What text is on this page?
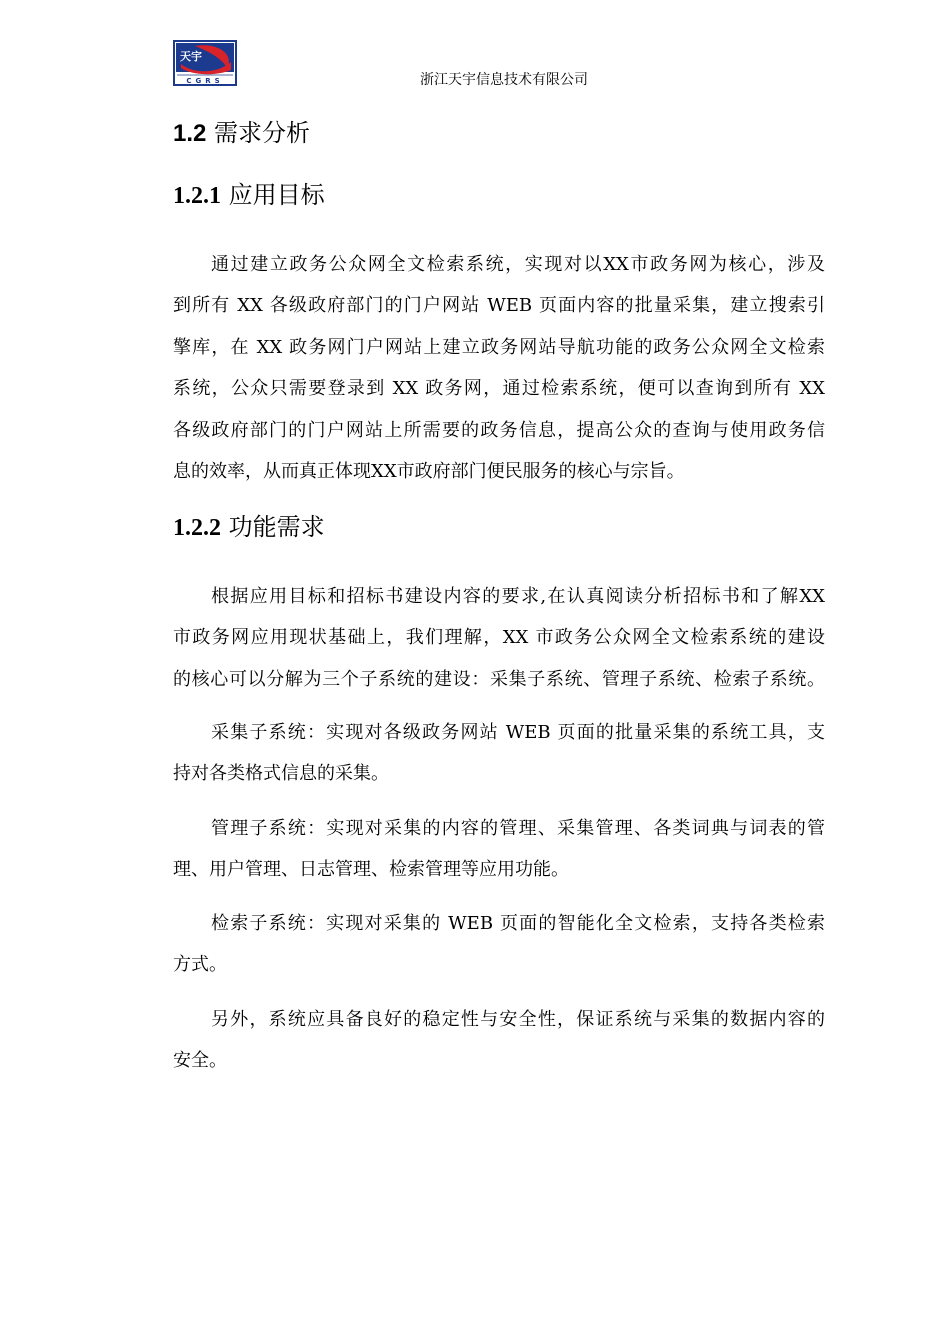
天宇
CGRS	浙江天宇信息技术有限公司
1.2 需求分析
1.2.1 应用目标
通过建立政务公众网全文检索系统，实现对以XX市政务网为核心，涉及
到所有 XX 各级政府部门的门户网站 WEB 页面内容的批量采集，建立搜索引
擎库，在 XX 政务网门户网站上建立政务网站导航功能的政务公众网全文检索
系统，公众只需要登录到 XX 政务网，通过检索系统，便可以查询到所有 XX
各级政府部门的门户网站上所需要的政务信息，提高公众的查询与使用政务信
息的效率，从而真正体现XX市政府部门便民服务的核心与宗旨。
1.2.2 功能需求
根据应用目标和招标书建设内容的要求,在认真阅读分析招标书和了解XX
市政务网应用现状基础上，我们理解，XX 市政务公众网全文检索系统的建设
的核心可以分解为三个子系统的建设：采集子系统、管理子系统、检索子系统。
采集子系统：实现对各级政务网站 WEB 页面的批量采集的系统工具，支
持对各类格式信息的采集。
管理子系统：实现对采集的内容的管理、采集管理、各类词典与词表的管
理、用户管理、日志管理、检索管理等应用功能。
检索子系统：实现对采集的 WEB 页面的智能化全文检索，支持各类检索
方式。
另外，系统应具备良好的稳定性与安全性，保证系统与采集的数据内容的
安全。
